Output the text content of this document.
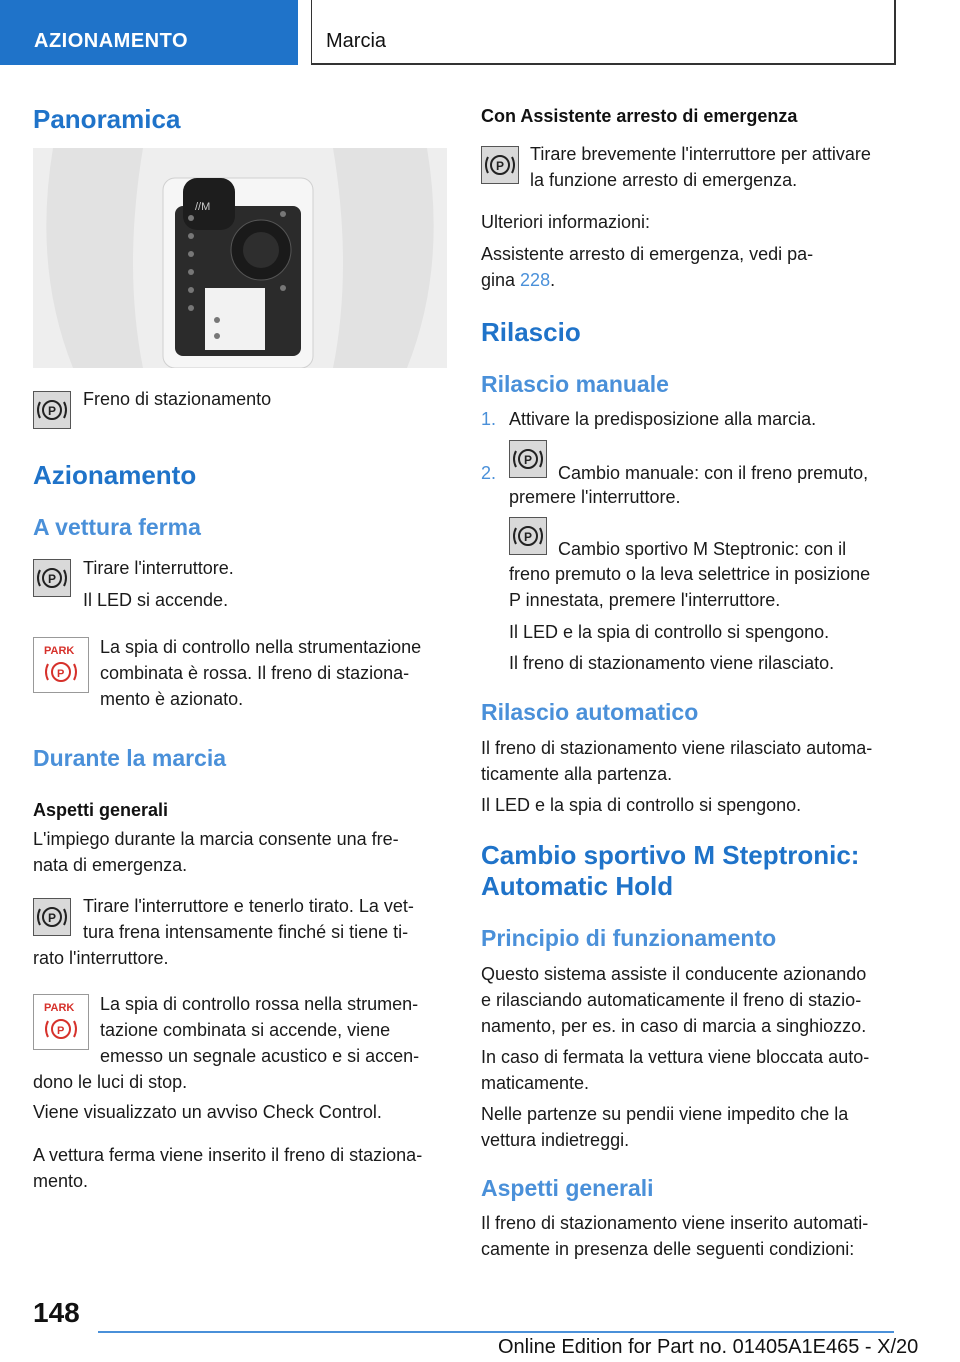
AZIONAMENTO	Marcia
Panoramica
//M
P

Freno di stazionamento

Azionamento
A vettura ferma
P

Tirare l'interruttore.

Il LED si accende.

PARK
P

La spia di controllo nella strumentazione

combinata è rossa. Il freno di staziona-

mento è azionato.

Durante la marcia
Aspetti generali

L'impiego durante la marcia consente una fre-

nata di emergenza.

P

Tirare l'interruttore e tenerlo tirato. La vet-

tura frena intensamente finché si tiene ti-

rato l'interruttore.

PARK
P

La spia di controllo rossa nella strumen-

tazione combinata si accende, viene

emesso un segnale acustico e si accen-

dono le luci di stop.

Viene visualizzato un avviso Check Control.

A vettura ferma viene inserito il freno di staziona-

mento.

Con Assistente arresto di emergenza
P

Tirare brevemente l'interruttore per attivare

la funzione arresto di emergenza.

Ulteriori informazioni:

Assistente arresto di emergenza, vedi pa-

gina 228.

Rilascio
Rilascio manuale

1. Attivare la predisposizione alla marcia.

2.

P

Cambio manuale: con il freno premuto,

premere l'interruttore.

P

Cambio sportivo M Steptronic: con il

freno premuto o la leva selettrice in posizione

P innestata, premere l'interruttore.

Il LED e la spia di controllo si spengono.

Il freno di stazionamento viene rilasciato.

Rilascio automatico

Il freno di stazionamento viene rilasciato automa-

ticamente alla partenza.

Il LED e la spia di controllo si spengono.

Cambio sportivo M Steptronic:
Automatic Hold
Principio di funzionamento

Questo sistema assiste il conducente azionando

e rilasciando automaticamente il freno di stazio-

namento, per es. in caso di marcia a singhiozzo.

In caso di fermata la vettura viene bloccata auto-

maticamente.

Nelle partenze su pendii viene impedito che la

vettura indietreggi.

Aspetti generali

Il freno di stazionamento viene inserito automati-

camente in presenza delle seguenti condizioni:

148
Online Edition for Part no. 01405A1E465 - X/20
